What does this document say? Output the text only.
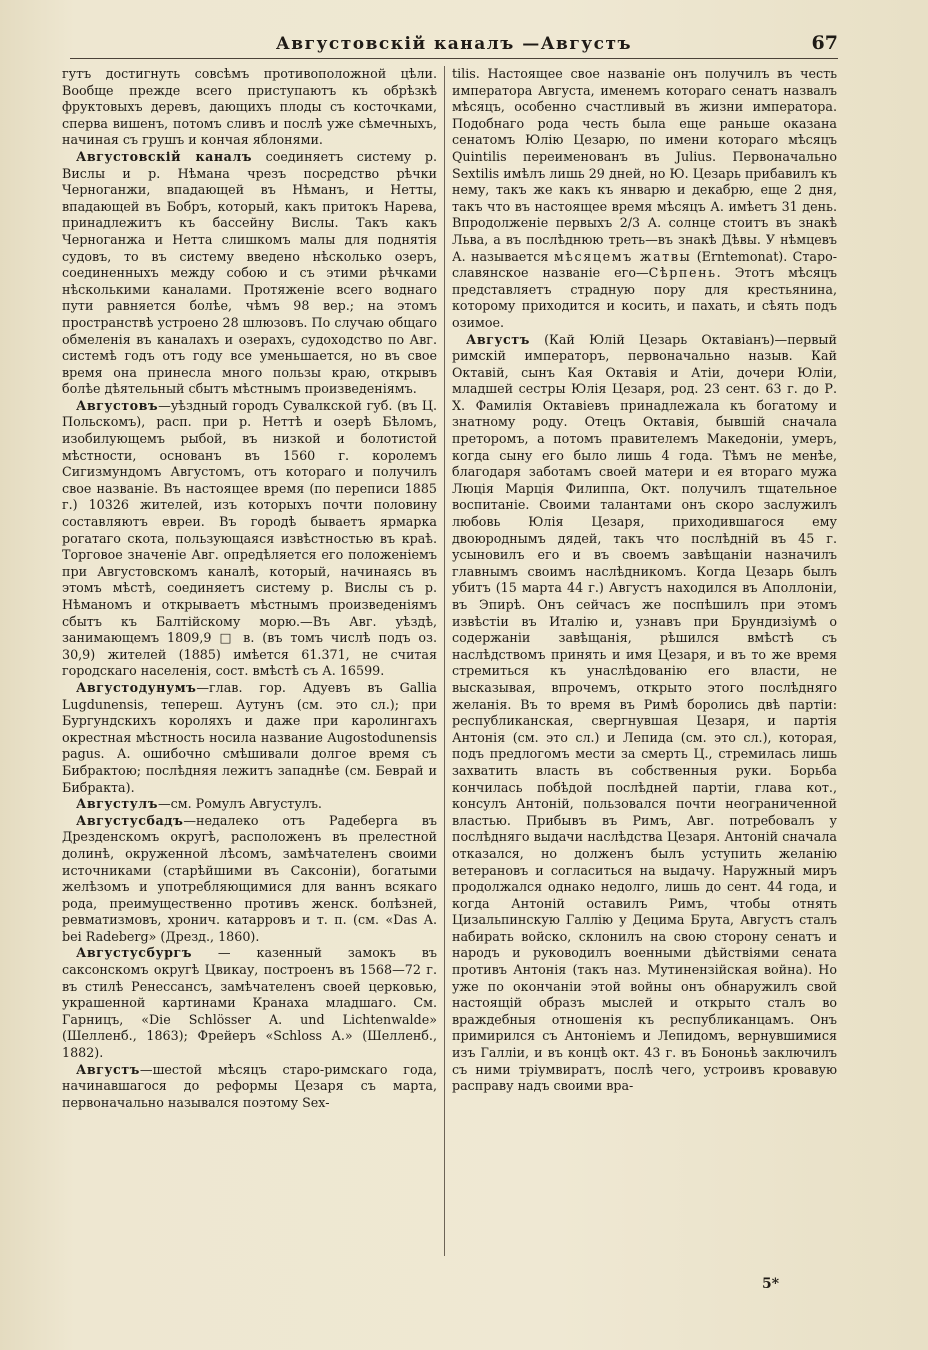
Августовскій каналъ —Августъ	67

гутъ достигнуть совсѣмъ противоположной цѣли. Вообще прежде всего приступаютъ къ обрѣзкѣ фруктовыхъ деревъ, дающихъ плоды съ косточками, сперва вишенъ, потомъ сливъ и послѣ уже сѣмечныхъ, начиная съ грушъ и кончая яблонями.

Августовскій каналъ соединяетъ систему р. Вислы и р. Нѣмана чрезъ посредство рѣчки Черноганжи, впадающей въ Нѣманъ, и Нетты, впадающей въ Бобръ, который, какъ притокъ Нарева, принадлежитъ къ бассейну Вислы. Такъ какъ Черноганжа и Нетта слишкомъ малы для поднятія судовъ, то въ систему введено нѣсколько озеръ, соединенныхъ между собою и съ этими рѣчками нѣсколькими каналами. Протяженіе всего воднаго пути равняется болѣе, чѣмъ 98 вер.; на этомъ пространствѣ устроено 28 шлюзовъ. По случаю общаго обмеленія въ каналахъ и озерахъ, судоходство по Авг. системѣ годъ отъ году все уменьшается, но въ свое время она принесла много пользы краю, открывъ болѣе дѣятельный сбытъ мѣстнымъ произведеніямъ.

Августовъ—уѣздный городъ Сувалкской губ. (въ Ц. Польскомъ), расп. при р. Неттѣ и озерѣ Бѣломъ, изобилующемъ рыбой, въ низкой и болотистой мѣстности, основанъ въ 1560 г. королемъ Сигизмундомъ Августомъ, отъ котораго и получилъ свое названіе. Въ настоящее время (по переписи 1885 г.) 10326 жителей, изъ которыхъ почти половину составляютъ евреи. Въ городѣ бываетъ ярмарка рогатаго скота, пользующаяся извѣстностью въ краѣ. Торговое значеніе Авг. опредѣляется его положеніемъ при Августовскомъ каналѣ, который, начинаясь въ этомъ мѣстѣ, соединяетъ систему р. Вислы съ р. Нѣманомъ и открываетъ мѣстнымъ произведеніямъ сбытъ къ Балтійскому морю.—Въ Авг. уѣздѣ, занимающемъ 1809,9 □ в. (въ томъ числѣ подъ оз. 30,9) жителей (1885) имѣется 61.371, не считая городскаго населенія, сост. вмѣстѣ съ А. 16599.

Августодунумъ—глав. гор. Адуевъ въ Gallia Lugdunensis, тепереш. Аутунъ (см. это сл.); при Бургундскихъ короляхъ и даже при каролингахъ окрестная мѣстность носила название Augostodunensis pagus. А. ошибочно смѣшивали долгое время съ Бибрактою; послѣдняя лежитъ западнѣе (см. Беврай и Бибракта).

Августулъ—см. Ромулъ Августулъ.

Августусбадъ—недалеко отъ Радеберга въ Дрезденскомъ округѣ, расположенъ въ прелестной долинѣ, окруженной лѣсомъ, замѣчателенъ своими источниками (старѣйшими въ Саксоніи), богатыми желѣзомъ и употребляющимися для ваннъ всякаго рода, преимущественно противъ женск. болѣзней, ревматизмовъ, хронич. катарровъ и т. п. (см. «Das A. bei Radeberg» (Дрезд., 1860).

Августусбургъ — казенный замокъ въ саксонскомъ округѣ Цвикау, построенъ въ 1568—72 г. въ стилѣ Ренессансъ, замѣчателенъ своей церковью, украшенной картинами Кранаха младшаго. См. Гарницъ, «Die Schlösser A. und Lichtenwalde» (Шелленб., 1863); Фрейеръ «Schloss A.» (Шелленб., 1882).

Августъ—шестой мѣсяцъ старо-римскаго года, начинавшагося до реформы Цезаря съ марта, первоначально назывался поэтому Sex-

tilis. Настоящее свое названіе онъ получилъ въ честь императора Августа, именемъ котораго сенатъ назвалъ мѣсяцъ, особенно счастливый въ жизни императора. Подобнаго рода честь была еще раньше оказана сенатомъ Юлію Цезарю, по имени котораго мѣсяцъ Quintilis переименованъ въ Julius. Первоначально Sextilis имѣлъ лишь 29 дней, но Ю. Цезарь прибавилъ къ нему, такъ же какъ къ январю и декабрю, еще 2 дня, такъ что въ настоящее время мѣсяцъ А. имѣетъ 31 день. Впродолженіе первыхъ 2/3 А. солнце стоитъ въ знакѣ Льва, а въ послѣднюю треть—въ знакѣ Дѣвы. У нѣмцевъ А. называется мѣсяцемъ жатвы (Erntemonat). Старо-славянское названіе его—Сѣрпень. Этотъ мѣсяцъ представляетъ страдную пору для крестьянина, которому приходится и косить, и пахать, и сѣять подъ озимое.

Августъ (Кай Юлій Цезарь Октавіанъ)—первый римскій императоръ, первоначально назыв. Кай Октавій, сынъ Кая Октавія и Атіи, дочери Юліи, младшей сестры Юлія Цезаря, род. 23 сент. 63 г. до Р. Х. Фамилія Октавіевъ принадлежала къ богатому и знатному роду. Отецъ Октавія, бывшій сначала преторомъ, а потомъ правителемъ Македоніи, умеръ, когда сыну его было лишь 4 года. Тѣмъ не менѣе, благодаря заботамъ своей матери и ея втораго мужа Люція Марція Филиппа, Окт. получилъ тщательное воспитаніе. Своими талантами онъ скоро заслужилъ любовь Юлія Цезаря, приходившагося ему двоюроднымъ дядей, такъ что послѣдній въ 45 г. усыновилъ его и въ своемъ завѣщаніи назначилъ главнымъ своимъ наслѣдникомъ. Когда Цезарь былъ убитъ (15 марта 44 г.) Августъ находился въ Аполлоніи, въ Эпирѣ. Онъ сейчасъ же поспѣшилъ при этомъ извѣстіи въ Италію и, узнавъ при Брундизіумѣ о содержаніи завѣщанія, рѣшился вмѣстѣ съ наслѣдствомъ принять и имя Цезаря, и въ то же время стремиться къ унаслѣдованію его власти, не высказывая, впрочемъ, открыто этого послѣдняго желанія. Въ то время въ Римѣ боролись двѣ партіи: республиканская, свергнувшая Цезаря, и партія Антонія (см. это сл.) и Лепида (см. это сл.), которая, подъ предлогомъ мести за смерть Ц., стремилась лишь захватить власть въ собственныя руки. Борьба кончилась побѣдой послѣдней партіи, глава кот., консулъ Антоній, пользовался почти неограниченной властью. Прибывъ въ Римъ, Авг. потребовалъ у послѣдняго выдачи наслѣдства Цезаря. Антоній сначала отказался, но долженъ былъ уступить желанію ветерановъ и согласиться на выдачу. Наружный миръ продолжался однако недолго, лишь до сент. 44 года, и когда Антоній оставилъ Римъ, чтобы отнять Цизальпинскую Галлію у Децима Брута, Августъ сталъ набирать войско, склонилъ на свою сторону сенатъ и народъ и руководилъ военными дѣйствіями сената противъ Антонія (такъ наз. Мутинензійская война). Но уже по окончаніи этой войны онъ обнаружилъ свой настоящій образъ мыслей и открыто сталъ во враждебныя отношенія къ республиканцамъ. Онъ примирился съ Антоніемъ и Лепидомъ, вернувшимися изъ Галліи, и въ концѣ окт. 43 г. въ Бононьѣ заключилъ съ ними тріумвиратъ, послѣ чего, устроивъ кровавую расправу надъ своими вра-

5*
